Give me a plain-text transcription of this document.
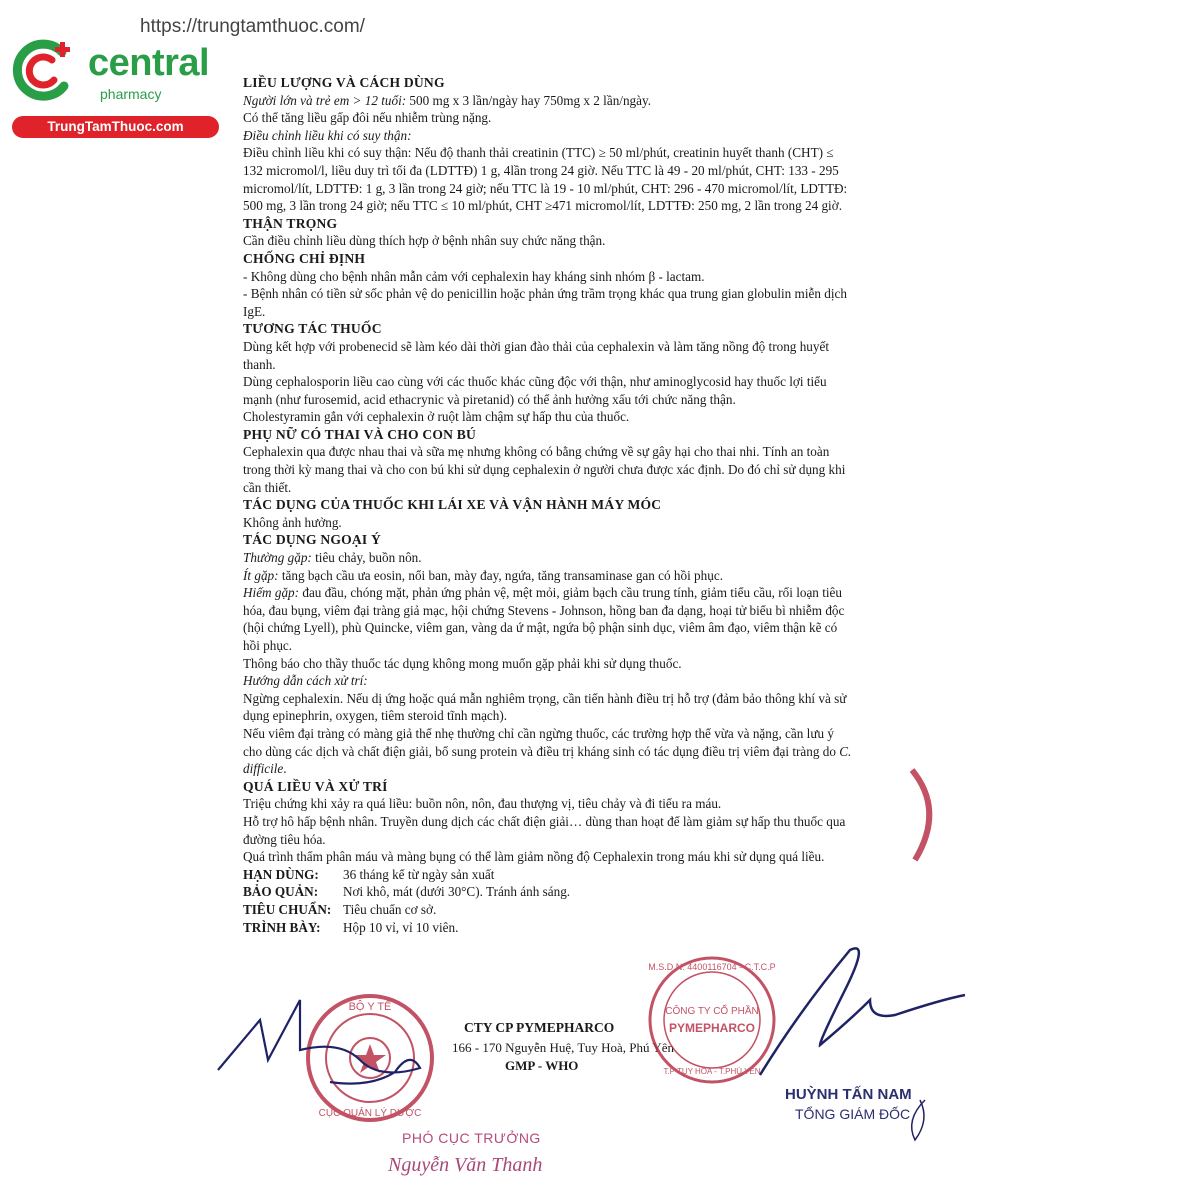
https://trungtamthuoc.com/
central
pharmacy
TrungTamThuoc.com

LIỀU LƯỢNG VÀ CÁCH DÙNG

Người lớn và trẻ em > 12 tuổi: 500 mg x 3 lần/ngày hay 750mg x 2 lần/ngày.

Có thể tăng liều gấp đôi nếu nhiễm trùng nặng.

Điều chỉnh liều khi có suy thận:

Điều chỉnh liều khi có suy thận: Nếu độ thanh thải creatinin (TTC) ≥ 50 ml/phút, creatinin huyết thanh (CHT) ≤ 132 micromol/l, liều duy trì tối đa (LDTTĐ) 1 g, 4lần trong 24 giờ. Nếu TTC là 49 - 20 ml/phút, CHT: 133 - 295 micromol/lít, LDTTĐ: 1 g, 3 lần trong 24 giờ; nếu TTC là 19 - 10 ml/phút, CHT: 296 - 470 micromol/lít, LDTTĐ: 500 mg, 3 lần trong 24 giờ; nếu TTC ≤ 10 ml/phút, CHT ≥471 micromol/lít, LDTTĐ: 250 mg, 2 lần trong 24 giờ.

THẬN TRỌNG

Cần điều chỉnh liều dùng thích hợp ở bệnh nhân suy chức năng thận.

CHỐNG CHỈ ĐỊNH

- Không dùng cho bệnh nhân mẫn cảm với cephalexin hay kháng sinh nhóm β - lactam.

- Bệnh nhân có tiền sử sốc phản vệ do penicillin hoặc phản ứng trầm trọng khác qua trung gian globulin miễn dịch IgE.

TƯƠNG TÁC THUỐC

Dùng kết hợp với probenecid sẽ làm kéo dài thời gian đào thải của cephalexin và làm tăng nồng độ trong huyết thanh.

Dùng cephalosporin liều cao cùng với các thuốc khác cũng độc với thận, như aminoglycosid hay thuốc lợi tiểu mạnh (như furosemid, acid ethacrynic và piretanid) có thể ảnh hưởng xấu tới chức năng thận.

Cholestyramin gắn với cephalexin ở ruột làm chậm sự hấp thu của thuốc.

PHỤ NỮ CÓ THAI VÀ CHO CON BÚ

Cephalexin qua được nhau thai và sữa mẹ nhưng không có bằng chứng về sự gây hại cho thai nhi. Tính an toàn trong thời kỳ mang thai và cho con bú khi sử dụng cephalexin ở người chưa được xác định. Do đó chỉ sử dụng khi cần thiết.

TÁC DỤNG CỦA THUỐC KHI LÁI XE VÀ VẬN HÀNH MÁY MÓC

Không ảnh hưởng.

TÁC DỤNG NGOẠI Ý

Thường gặp: tiêu chảy, buồn nôn.

Ít gặp: tăng bạch cầu ưa eosin, nổi ban, mày đay, ngứa, tăng transaminase gan có hồi phục.

Hiếm gặp: đau đầu, chóng mặt, phản ứng phản vệ, mệt mỏi, giảm bạch cầu trung tính, giảm tiểu cầu, rối loạn tiêu hóa, đau bụng, viêm đại tràng giả mạc, hội chứng Stevens - Johnson, hồng ban đa dạng, hoại tử biểu bì nhiễm độc (hội chứng Lyell), phù Quincke, viêm gan, vàng da ứ mật, ngứa bộ phận sinh dục, viêm âm đạo, viêm thận kẽ có hồi phục.

Thông báo cho thầy thuốc tác dụng không mong muốn gặp phải khi sử dụng thuốc.

Hướng dẫn cách xử trí:

Ngừng cephalexin. Nếu dị ứng hoặc quá mẫn nghiêm trọng, cần tiến hành điều trị hỗ trợ (đảm bảo thông khí và sử dụng epinephrin, oxygen, tiêm steroid tĩnh mạch).

Nếu viêm đại tràng có màng giả thể nhẹ thường chỉ cần ngừng thuốc, các trường hợp thể vừa và nặng, cần lưu ý cho dùng các dịch và chất điện giải, bổ sung protein và điều trị kháng sinh có tác dụng điều trị viêm đại tràng do C. difficile.

QUÁ LIỀU VÀ XỬ TRÍ

Triệu chứng khi xảy ra quá liều: buồn nôn, nôn, đau thượng vị, tiêu chảy và đi tiểu ra máu.

Hỗ trợ hô hấp bệnh nhân. Truyền dung dịch các chất điện giải… dùng than hoạt để làm giảm sự hấp thu thuốc qua đường tiêu hóa.

Quá trình thẩm phân máu và màng bụng có thể làm giảm nồng độ Cephalexin trong máu khi sử dụng quá liều.

HẠN DÙNG:	36 tháng kể từ ngày sản xuất
BẢO QUẢN:	Nơi khô, mát (dưới 30°C). Tránh ánh sáng.
TIÊU CHUẨN: Tiêu chuẩn cơ sở.
TRÌNH BÀY:	Hộp 10 vỉ, vỉ 10 viên.
CTY CP PYMEPHARCO
166 - 170 Nguyễn Huệ, Tuy Hoà, Phú Yên
GMP - WHO
HUỲNH TẤN NAM
TỔNG GIÁM ĐỐC
PHÓ CỤC TRƯỞNG
Nguyễn Văn Thanh
BỘ Y TẾ
CỤC QUẢN LÝ DƯỢC
M.S.D.N: 4400116704 - C.T.C.P
CÔNG TY CỔ PHẦN
PYMEPHARCO
T.P TUY HÒA - T.PHÚ YÊN
